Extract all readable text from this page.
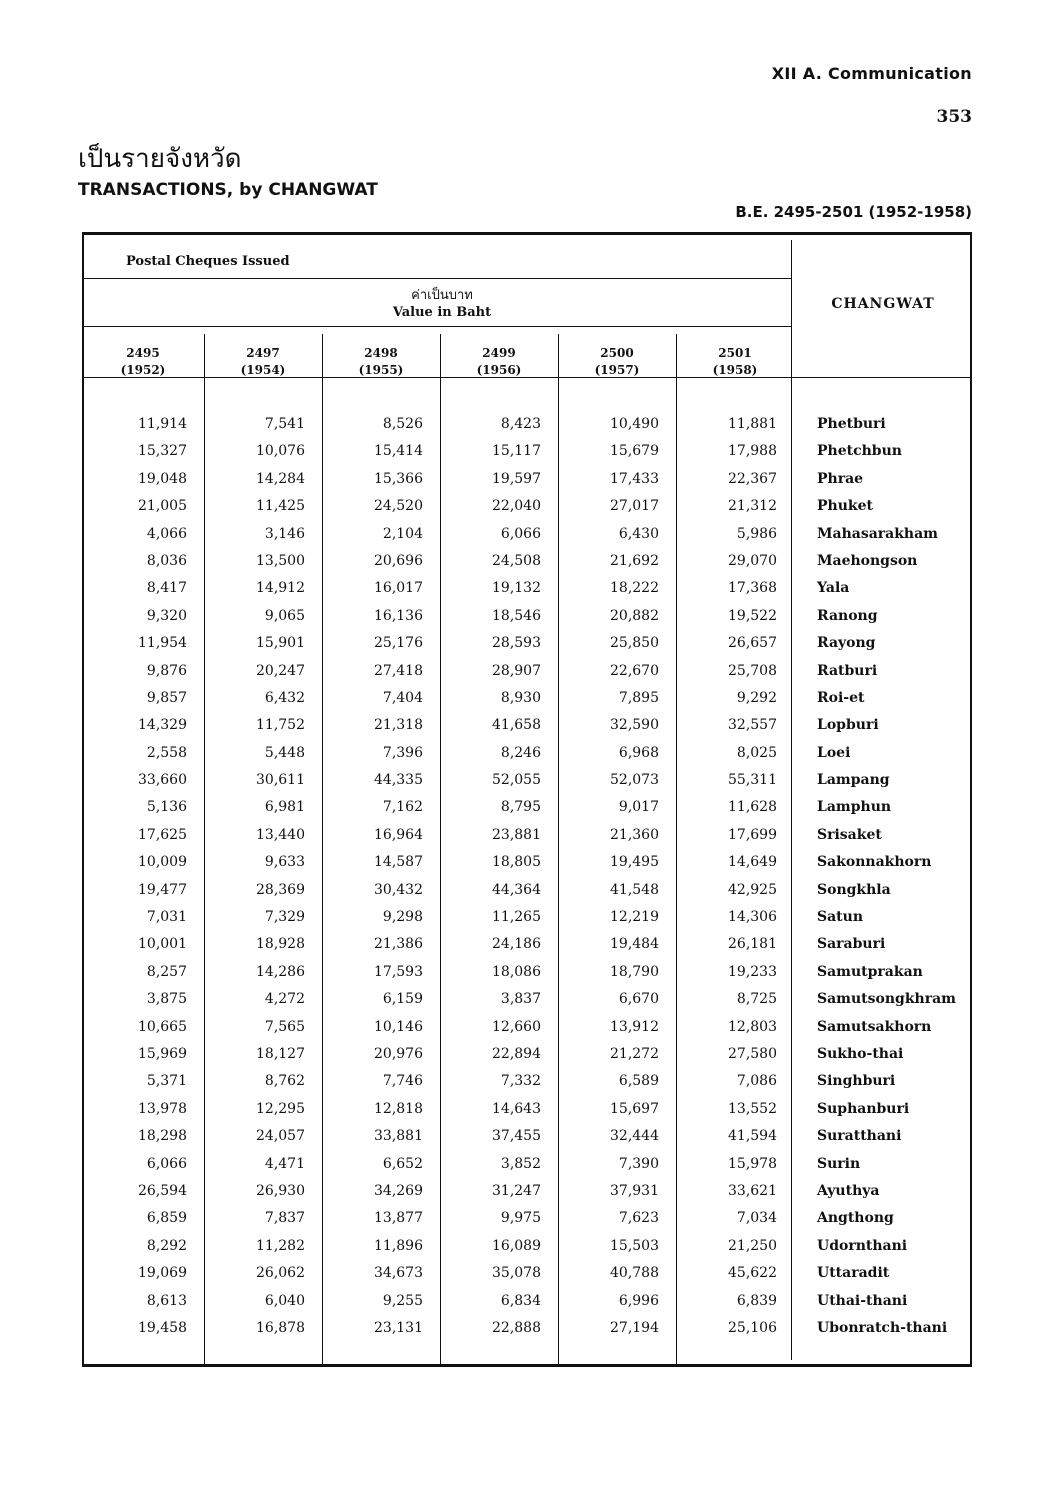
XII A. Communication
353
เป็นรายจังหวัด
TRANSACTIONS, by CHANGWAT
B.E. 2495-2501 (1952-1958)
Postal Cheques Issued
ค่าเป็นบาท
Value in Baht
CHANGWAT
2495
(1952)
2497
(1954)
2498
(1955)
2499
(1956)
2500
(1957)
2501
(1958)
11,914	7,541	8,526	8,423	10,490	11,881	Phetburi
15,327	10,076	15,414	15,117	15,679	17,988	Phetchbun
19,048	14,284	15,366	19,597	17,433	22,367	Phrae
21,005	11,425	24,520	22,040	27,017	21,312	Phuket
4,066	3,146	2,104	6,066	6,430	5,986	Mahasarakham
8,036	13,500	20,696	24,508	21,692	29,070	Maehongson
8,417	14,912	16,017	19,132	18,222	17,368	Yala
9,320	9,065	16,136	18,546	20,882	19,522	Ranong
11,954	15,901	25,176	28,593	25,850	26,657	Rayong
9,876	20,247	27,418	28,907	22,670	25,708	Ratburi
9,857	6,432	7,404	8,930	7,895	9,292	Roi-et
14,329	11,752	21,318	41,658	32,590	32,557	Lopburi
2,558	5,448	7,396	8,246	6,968	8,025	Loei
33,660	30,611	44,335	52,055	52,073	55,311	Lampang
5,136	6,981	7,162	8,795	9,017	11,628	Lamphun
17,625	13,440	16,964	23,881	21,360	17,699	Srisaket
10,009	9,633	14,587	18,805	19,495	14,649	Sakonnakhorn
19,477	28,369	30,432	44,364	41,548	42,925	Songkhla
7,031	7,329	9,298	11,265	12,219	14,306	Satun
10,001	18,928	21,386	24,186	19,484	26,181	Saraburi
8,257	14,286	17,593	18,086	18,790	19,233	Samutprakan
3,875	4,272	6,159	3,837	6,670	8,725	Samutsongkhram
10,665	7,565	10,146	12,660	13,912	12,803	Samutsakhorn
15,969	18,127	20,976	22,894	21,272	27,580	Sukho-thai
5,371	8,762	7,746	7,332	6,589	7,086	Singhburi
13,978	12,295	12,818	14,643	15,697	13,552	Suphanburi
18,298	24,057	33,881	37,455	32,444	41,594	Suratthani
6,066	4,471	6,652	3,852	7,390	15,978	Surin
26,594	26,930	34,269	31,247	37,931	33,621	Ayuthya
6,859	7,837	13,877	9,975	7,623	7,034	Angthong
8,292	11,282	11,896	16,089	15,503	21,250	Udornthani
19,069	26,062	34,673	35,078	40,788	45,622	Uttaradit
8,613	6,040	9,255	6,834	6,996	6,839	Uthai-thani
19,458	16,878	23,131	22,888	27,194	25,106	Ubonratch-thani
